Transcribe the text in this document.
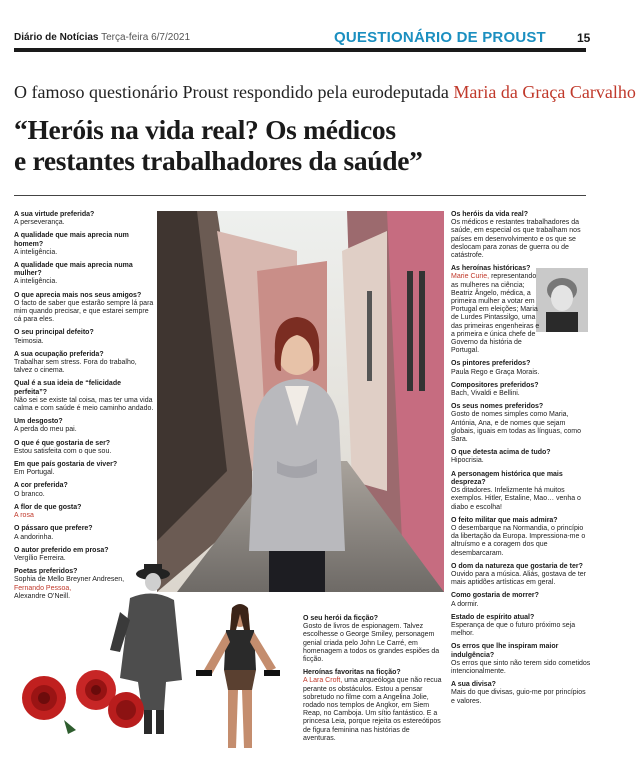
Diário de Notícias Terça-feira 6/7/2021	QUESTIONÁRIO DE PROUST	15
O famoso questionário Proust respondido pela eurodeputada Maria da Graça Carvalho
“Heróis na vida real? Os médicos
e restantes trabalhadores da saúde”
A sua virtude preferida?
A perseverança.
A qualidade que mais aprecia num homem?
A inteligência.
A qualidade que mais aprecia numa mulher?
A inteligência.
O que aprecia mais nos seus amigos?
O facto de saber que estarão sempre lá para mim quando precisar, e que estarei sempre cá para eles.
O seu principal defeito?
Teimosia.
A sua ocupação preferida?
Trabalhar sem stress. Fora do trabalho, talvez o cinema.
Qual é a sua ideia de “felicidade perfeita”?
Não sei se existe tal coisa, mas ter uma vida calma e com saúde é meio caminho andado.
Um desgosto?
A perda do meu pai.
O que é que gostaria de ser?
Estou satisfeita com o que sou.
Em que país gostaria de viver?
Em Portugal.
A cor preferida?
O branco.
A flor de que gosta?
A rosa
O pássaro que prefere?
A andorinha.
O autor preferido em prosa?
Vergílio Ferreira.
Poetas preferidos?
Sophia de Mello Breyner Andresen,
Fernando Pessoa,
Alexandre O’Neill.
O seu herói da ficção?
Gosto de livros de espionagem. Talvez escolhesse o George Smiley, personagem genial criada pelo John Le Carré, em homenagem a todos os grandes espiões da ficção.
Heroínas favoritas na ficção?
A Lara Croft, uma arqueóloga que não recua perante os obstáculos. Estou a pensar sobretudo no filme com a Angelina Jolie, rodado nos templos de Angkor, em Siem Reap, no Camboja. Um sítio fantástico. E a princesa Leia, porque rejeita os estereótipos de figura feminina nas histórias de aventuras.
Os heróis da vida real?
Os médicos e restantes trabalhadores da saúde, em especial os que trabalham nos países em desenvolvimento e os que se deslocam para zonas de guerra ou de catástrofe.
As heroínas históricas?
Marie Curie, representando as mulheres na ciência; Beatriz Ângelo, médica, a primeira mulher a votar em Portugal em eleições; Maria de Lurdes Pintassilgo, uma das primeiras engenheiras e a primeira e única chefe de Governo da história de Portugal.
Os pintores preferidos?
Paula Rego e Graça Morais.
Compositores preferidos?
Bach, Vivaldi e Bellini.
Os seus nomes preferidos?
Gosto de nomes simples como Maria, Antónia, Ana, e de nomes que sejam globais, iguais em todas as línguas, como Sara.
O que detesta acima de tudo?
Hipocrisia.
A personagem histórica que mais despreza?
Os ditadores. Infelizmente há muitos exemplos. Hitler, Estaline, Mao… venha o diabo e escolha!
O feito militar que mais admira?
O desembarque na Normandia, o princípio da libertação da Europa. Impressiona-me o altruísmo e a coragem dos que desembarcaram.
O dom da natureza que gostaria de ter?
Ouvido para a música. Aliás, gostava de ter mais aptidões artísticas em geral.
Como gostaria de morrer?
A dormir.
Estado de espírito atual?
Esperança de que o futuro próximo seja melhor.
Os erros que lhe inspiram maior indulgência?
Os erros que sinto não terem sido cometidos intencionalmente.
A sua divisa?
Mais do que divisas, guio-me por princípios e valores.
